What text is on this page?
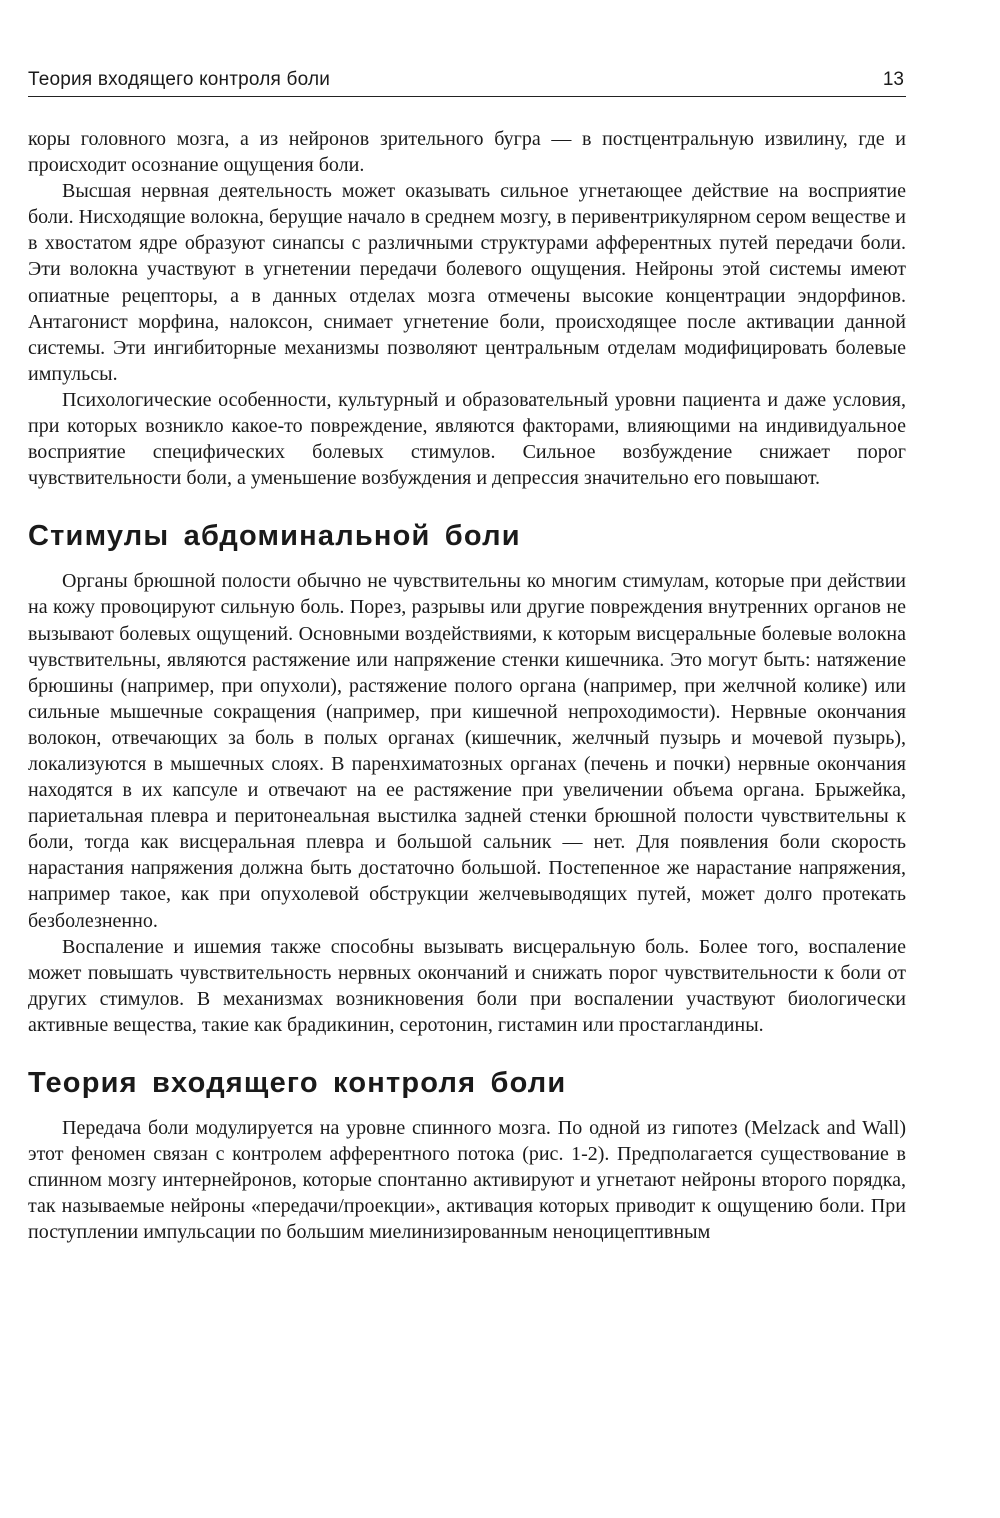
Теория входящего контроля боли	13

коры головного мозга, а из нейронов зрительного бугра — в постцентральную извилину, где и происходит осознание ощущения боли.

Высшая нервная деятельность может оказывать сильное угнетающее действие на восприятие боли. Нисходящие волокна, берущие начало в среднем мозгу, в перивентрикулярном сером веществе и в хвостатом ядре образуют синапсы с различными структурами афферентных путей передачи боли. Эти волокна участвуют в угнетении передачи болевого ощущения. Нейроны этой системы имеют опиатные рецепторы, а в данных отделах мозга отмечены высокие концентрации эндорфинов. Антагонист морфина, налоксон, снимает угнетение боли, происходящее после активации данной системы. Эти ингибиторные механизмы позволяют центральным отделам модифицировать болевые импульсы.

Психологические особенности, культурный и образовательный уровни пациента и даже условия, при которых возникло какое-то повреждение, являются факторами, влияющими на индивидуальное восприятие специфических болевых стимулов. Сильное возбуждение снижает порог чувствительности боли, а уменьшение возбуждения и депрессия значительно его повышают.

Стимулы абдоминальной боли

Органы брюшной полости обычно не чувствительны ко многим стимулам, которые при действии на кожу провоцируют сильную боль. Порез, разрывы или другие повреждения внутренних органов не вызывают болевых ощущений. Основными воздействиями, к которым висцеральные болевые волокна чувствительны, являются растяжение или напряжение стенки кишечника. Это могут быть: натяжение брюшины (например, при опухоли), растяжение полого органа (например, при желчной колике) или сильные мышечные сокращения (например, при кишечной непроходимости). Нервные окончания волокон, отвечающих за боль в полых органах (кишечник, желчный пузырь и мочевой пузырь), локализуются в мышечных слоях. В паренхиматозных органах (печень и почки) нервные окончания находятся в их капсуле и отвечают на ее растяжение при увеличении объема органа. Брыжейка, париетальная плевра и перитонеальная выстилка задней стенки брюшной полости чувствительны к боли, тогда как висцеральная плевра и большой сальник — нет. Для появления боли скорость нарастания напряжения должна быть достаточно большой. Постепенное же нарастание напряжения, например такое, как при опухолевой обструкции желчевыводящих путей, может долго протекать безболезненно.

Воспаление и ишемия также способны вызывать висцеральную боль. Более того, воспаление может повышать чувствительность нервных окончаний и снижать порог чувствительности к боли от других стимулов. В механизмах возникновения боли при воспалении участвуют биологически активные вещества, такие как брадикинин, серотонин, гистамин или простагландины.

Теория входящего контроля боли

Передача боли модулируется на уровне спинного мозга. По одной из гипотез (Melzack and Wall) этот феномен связан с контролем афферентного потока (рис. 1-2). Предполагается существование в спинном мозгу интернейронов, которые спонтанно активируют и угнетают нейроны второго порядка, так называемые нейроны «передачи/проекции», активация которых приводит к ощущению боли. При поступлении импульсации по большим миелинизированным неноцицептивным
